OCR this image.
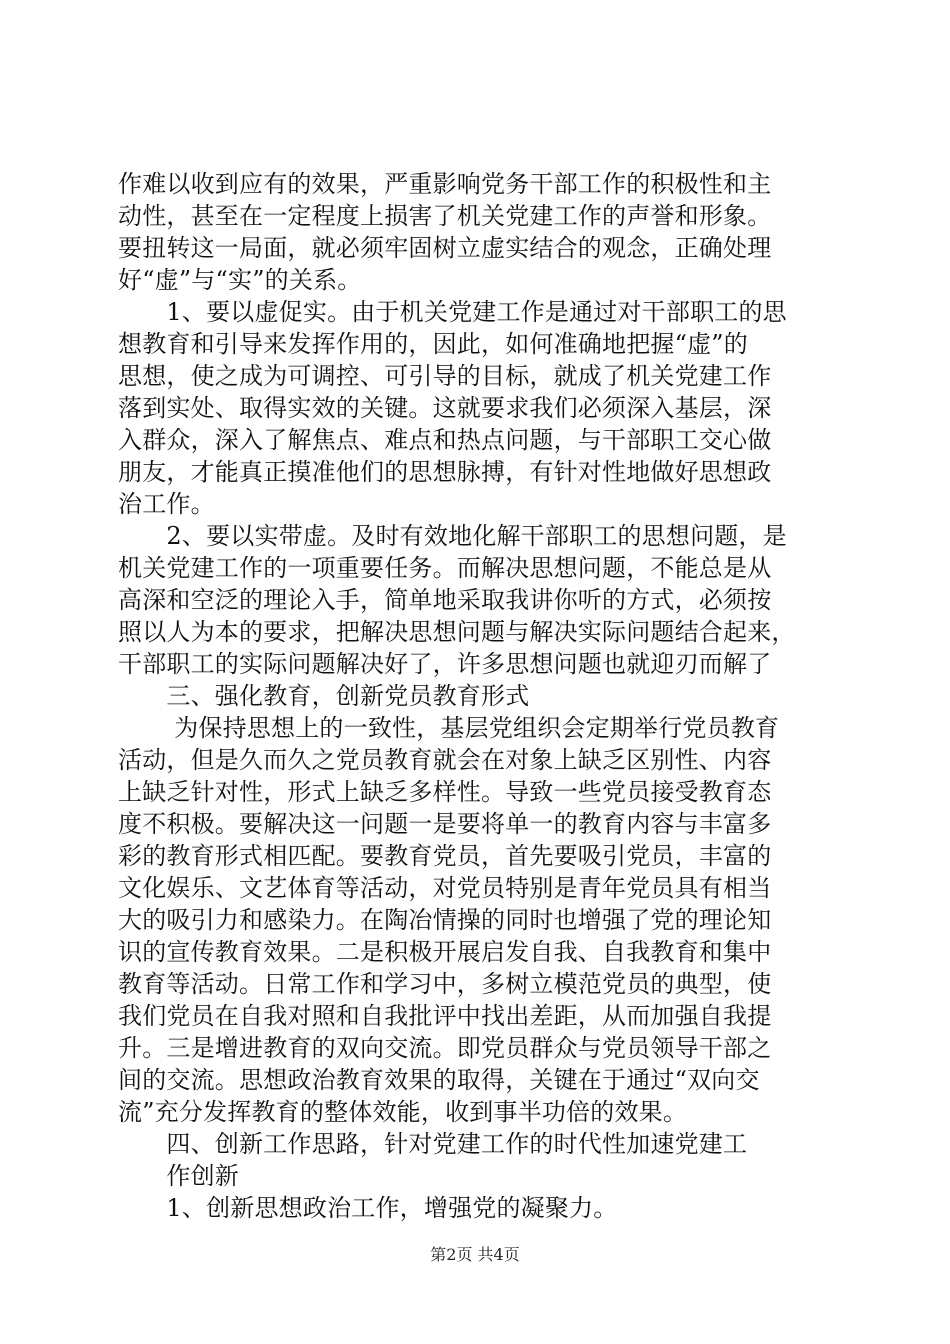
作难以收到应有的效果，严重影响党务干部工作的积极性和主
动性，甚至在一定程度上损害了机关党建工作的声誉和形象。
要扭转这一局面，就必须牢固树立虚实结合的观念，正确处理
好“虚”与“实”的关系。
　　1、要以虚促实。由于机关党建工作是通过对干部职工的思
想教育和引导来发挥作用的，因此，如何准确地把握“虚”的
思想，使之成为可调控、可引导的目标，就成了机关党建工作
落到实处、取得实效的关键。这就要求我们必须深入基层，深
入群众，深入了解焦点、难点和热点问题，与干部职工交心做
朋友，才能真正摸准他们的思想脉搏，有针对性地做好思想政
治工作。
　　2、要以实带虚。及时有效地化解干部职工的思想问题，是
机关党建工作的一项重要任务。而解决思想问题，不能总是从
高深和空泛的理论入手，简单地采取我讲你听的方式，必须按
照以人为本的要求，把解决思想问题与解决实际问题结合起来，
干部职工的实际问题解决好了，许多思想问题也就迎刃而解了
　　三、强化教育，创新党员教育形式
　　 为保持思想上的一致性，基层党组织会定期举行党员教育
活动，但是久而久之党员教育就会在对象上缺乏区别性、内容
上缺乏针对性，形式上缺乏多样性。导致一些党员接受教育态
度不积极。要解决这一问题一是要将单一的教育内容与丰富多
彩的教育形式相匹配。要教育党员，首先要吸引党员，丰富的
文化娱乐、文艺体育等活动，对党员特别是青年党员具有相当
大的吸引力和感染力。在陶冶情操的同时也增强了党的理论知
识的宣传教育效果。二是积极开展启发自我、自我教育和集中
教育等活动。日常工作和学习中，多树立模范党员的典型，使
我们党员在自我对照和自我批评中找出差距，从而加强自我提
升。三是增进教育的双向交流。即党员群众与党员领导干部之
间的交流。思想政治教育效果的取得，关键在于通过“双向交
流”充分发挥教育的整体效能，收到事半功倍的效果。
　　四、创新工作思路，针对党建工作的时代性加速党建工
　　作创新
　　1、创新思想政治工作，增强党的凝聚力。
第2页 共4页
